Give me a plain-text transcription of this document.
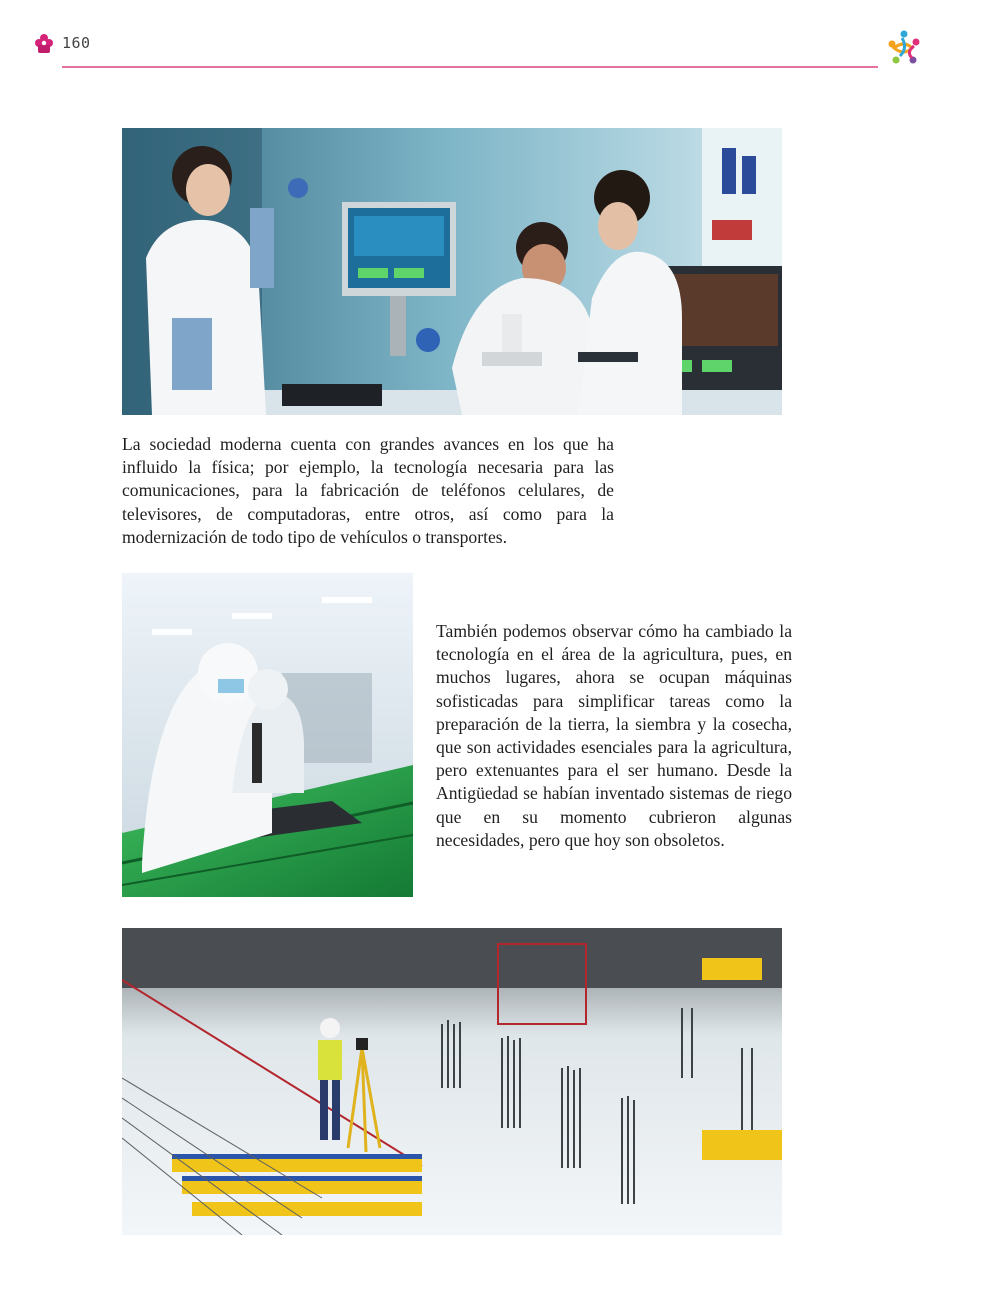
160

La sociedad moderna cuenta con grandes avances en los que ha influido la física; por ejemplo, la tecnología necesaria para las comunicaciones, para la fabricación de teléfonos celulares, de televisores, de computadoras, entre otros, así como para la modernización de todo tipo de vehículos o transportes.

También podemos observar cómo ha cambiado la tecnología en el área de la agricultura, pues, en muchos lugares, ahora se ocupan máquinas sofisticadas para simplificar tareas como la preparación de la tierra, la siembra y la cosecha, que son actividades esenciales para la agricultura, pero extenuantes para el ser humano. Desde la Antigüedad se habían inventado sistemas de riego que en su momento cubrieron algunas necesidades, pero que hoy son obsoletos.
